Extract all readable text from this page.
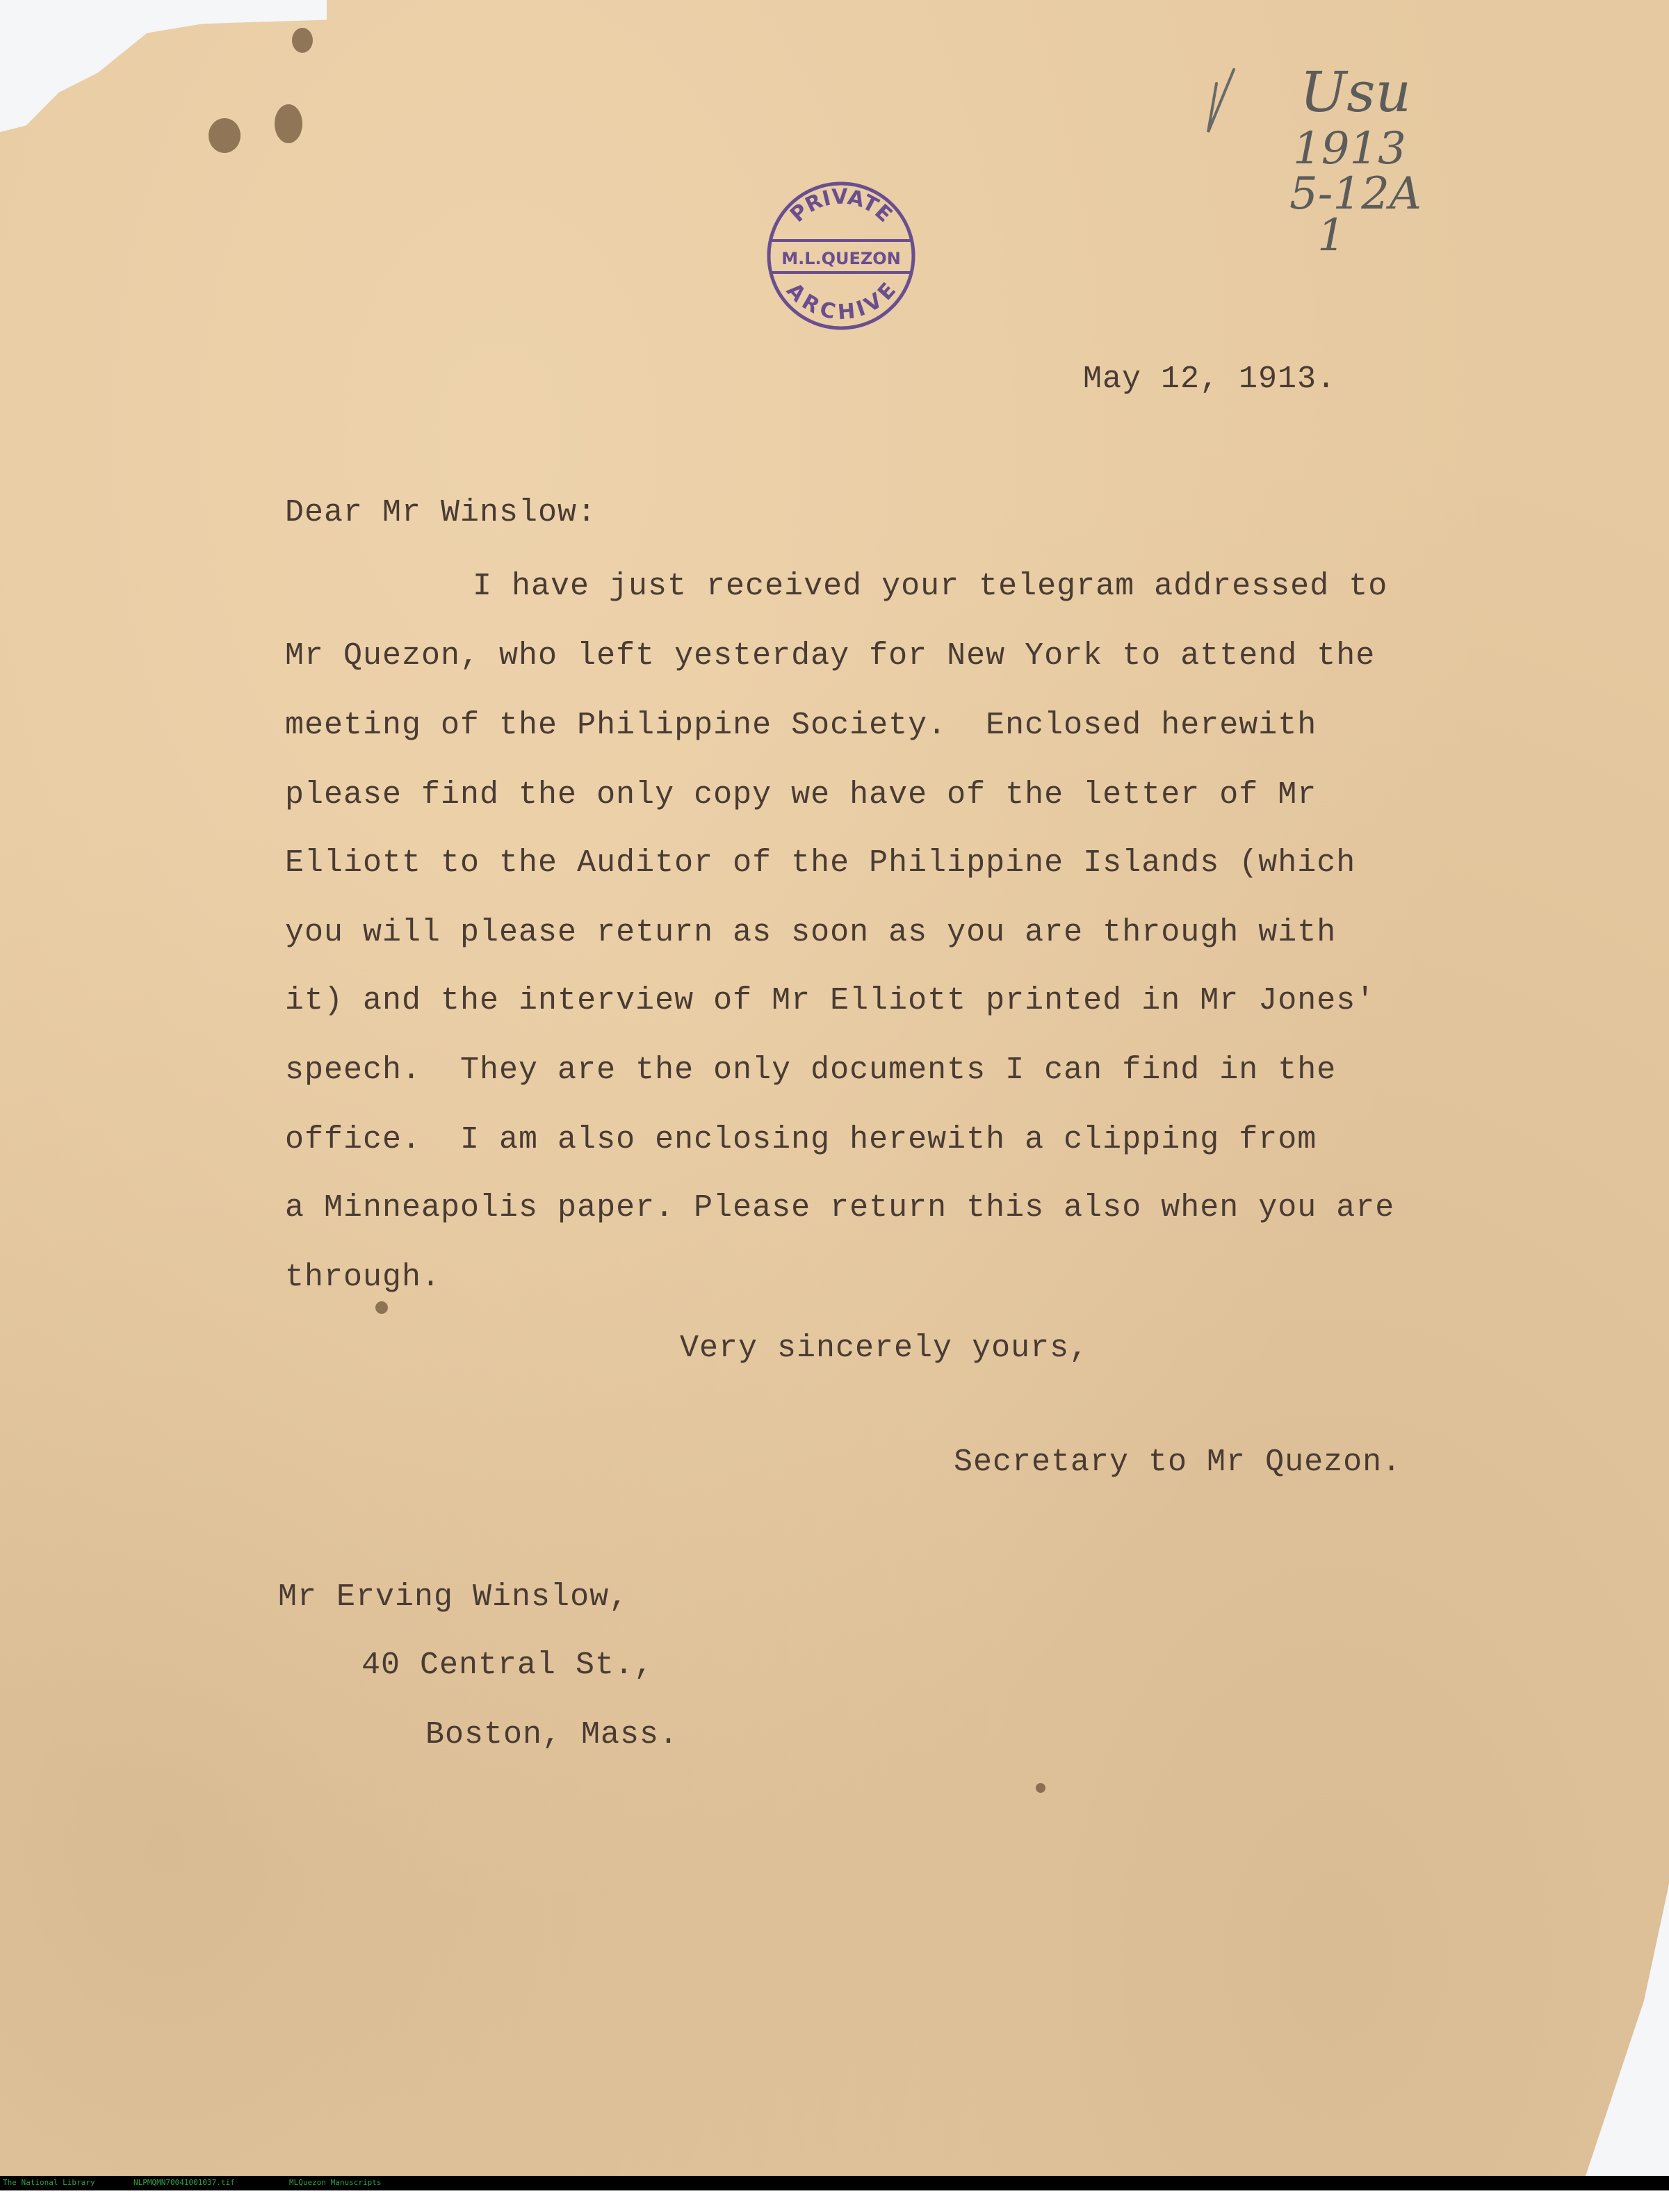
PRIVATE
ARCHIVE
M.L.QUEZON
Usu
1913
5-12A
1
May 12, 1913.
Dear Mr Winslow:
I have just received your telegram addressed to
Mr Quezon, who left yesterday for New York to attend the
meeting of the Philippine Society.  Enclosed herewith
please find the only copy we have of the letter of Mr
Elliott to the Auditor of the Philippine Islands (which
you will please return as soon as you are through with
it) and the interview of Mr Elliott printed in Mr Jones'
speech.  They are the only documents I can find in the
office.  I am also enclosing herewith a clipping from
a Minneapolis paper. Please return this also when you are
through.
Very sincerely yours,
Secretary to Mr Quezon.
Mr Erving Winslow,
40 Central St.,
Boston, Mass.

The National Library

	NLPMQMN70041001037.tif

	MLQuezon Manuscripts
